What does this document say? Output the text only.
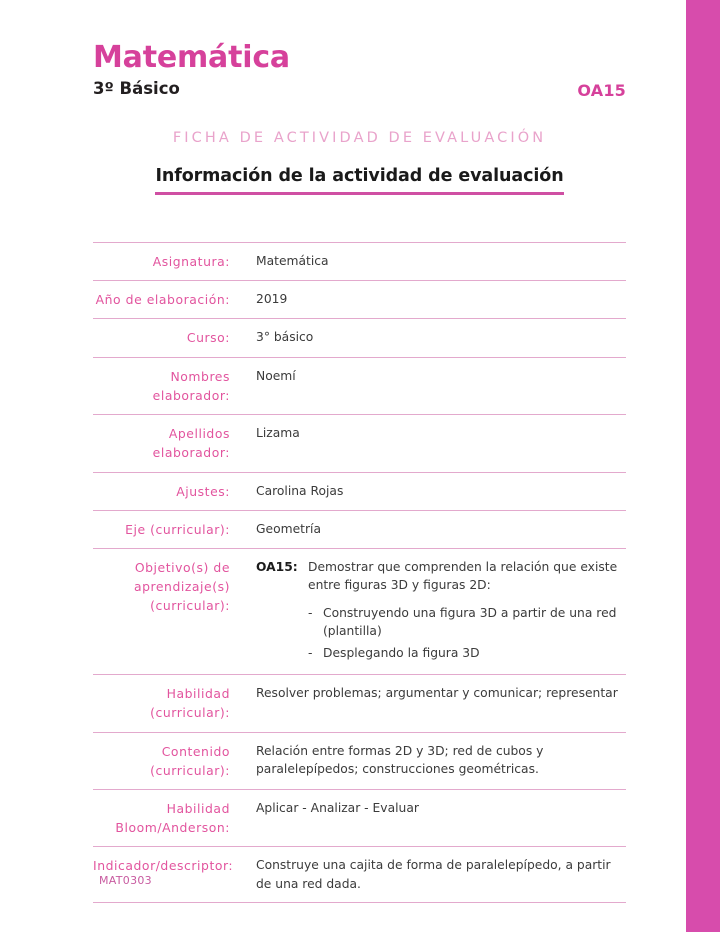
Matemática
3º Básico	OA15
FICHA DE ACTIVIDAD DE EVALUACIÓN
Información de la actividad de evaluación
Asignatura:	Matemática
Año de elaboración:	2019
Curso:	3° básico
Nombres elaborador:
Noemí
Apellidos elaborador:
Lizama
Ajustes:	Carolina Rojas
Eje (curricular):	Geometría
Objetivo(s) de aprendizaje(s) (curricular):
OA15: Demostrar que comprenden la relación que existe entre figuras 3D y figuras 2D:
- Construyendo una figura 3D a partir de una red (plantilla)
- Desplegando la figura 3D
Habilidad (curricular):
Resolver problemas; argumentar y comunicar; representar
Contenido (curricular):
Relación entre formas 2D y 3D; red de cubos y paralelepípedos; construcciones geométricas.
Habilidad Bloom/Anderson:
Aplicar - Analizar - Evaluar
Indicador/descriptor:	Construye una cajita de forma de paralelepípedo, a partir de una red dada.
MAT0303
